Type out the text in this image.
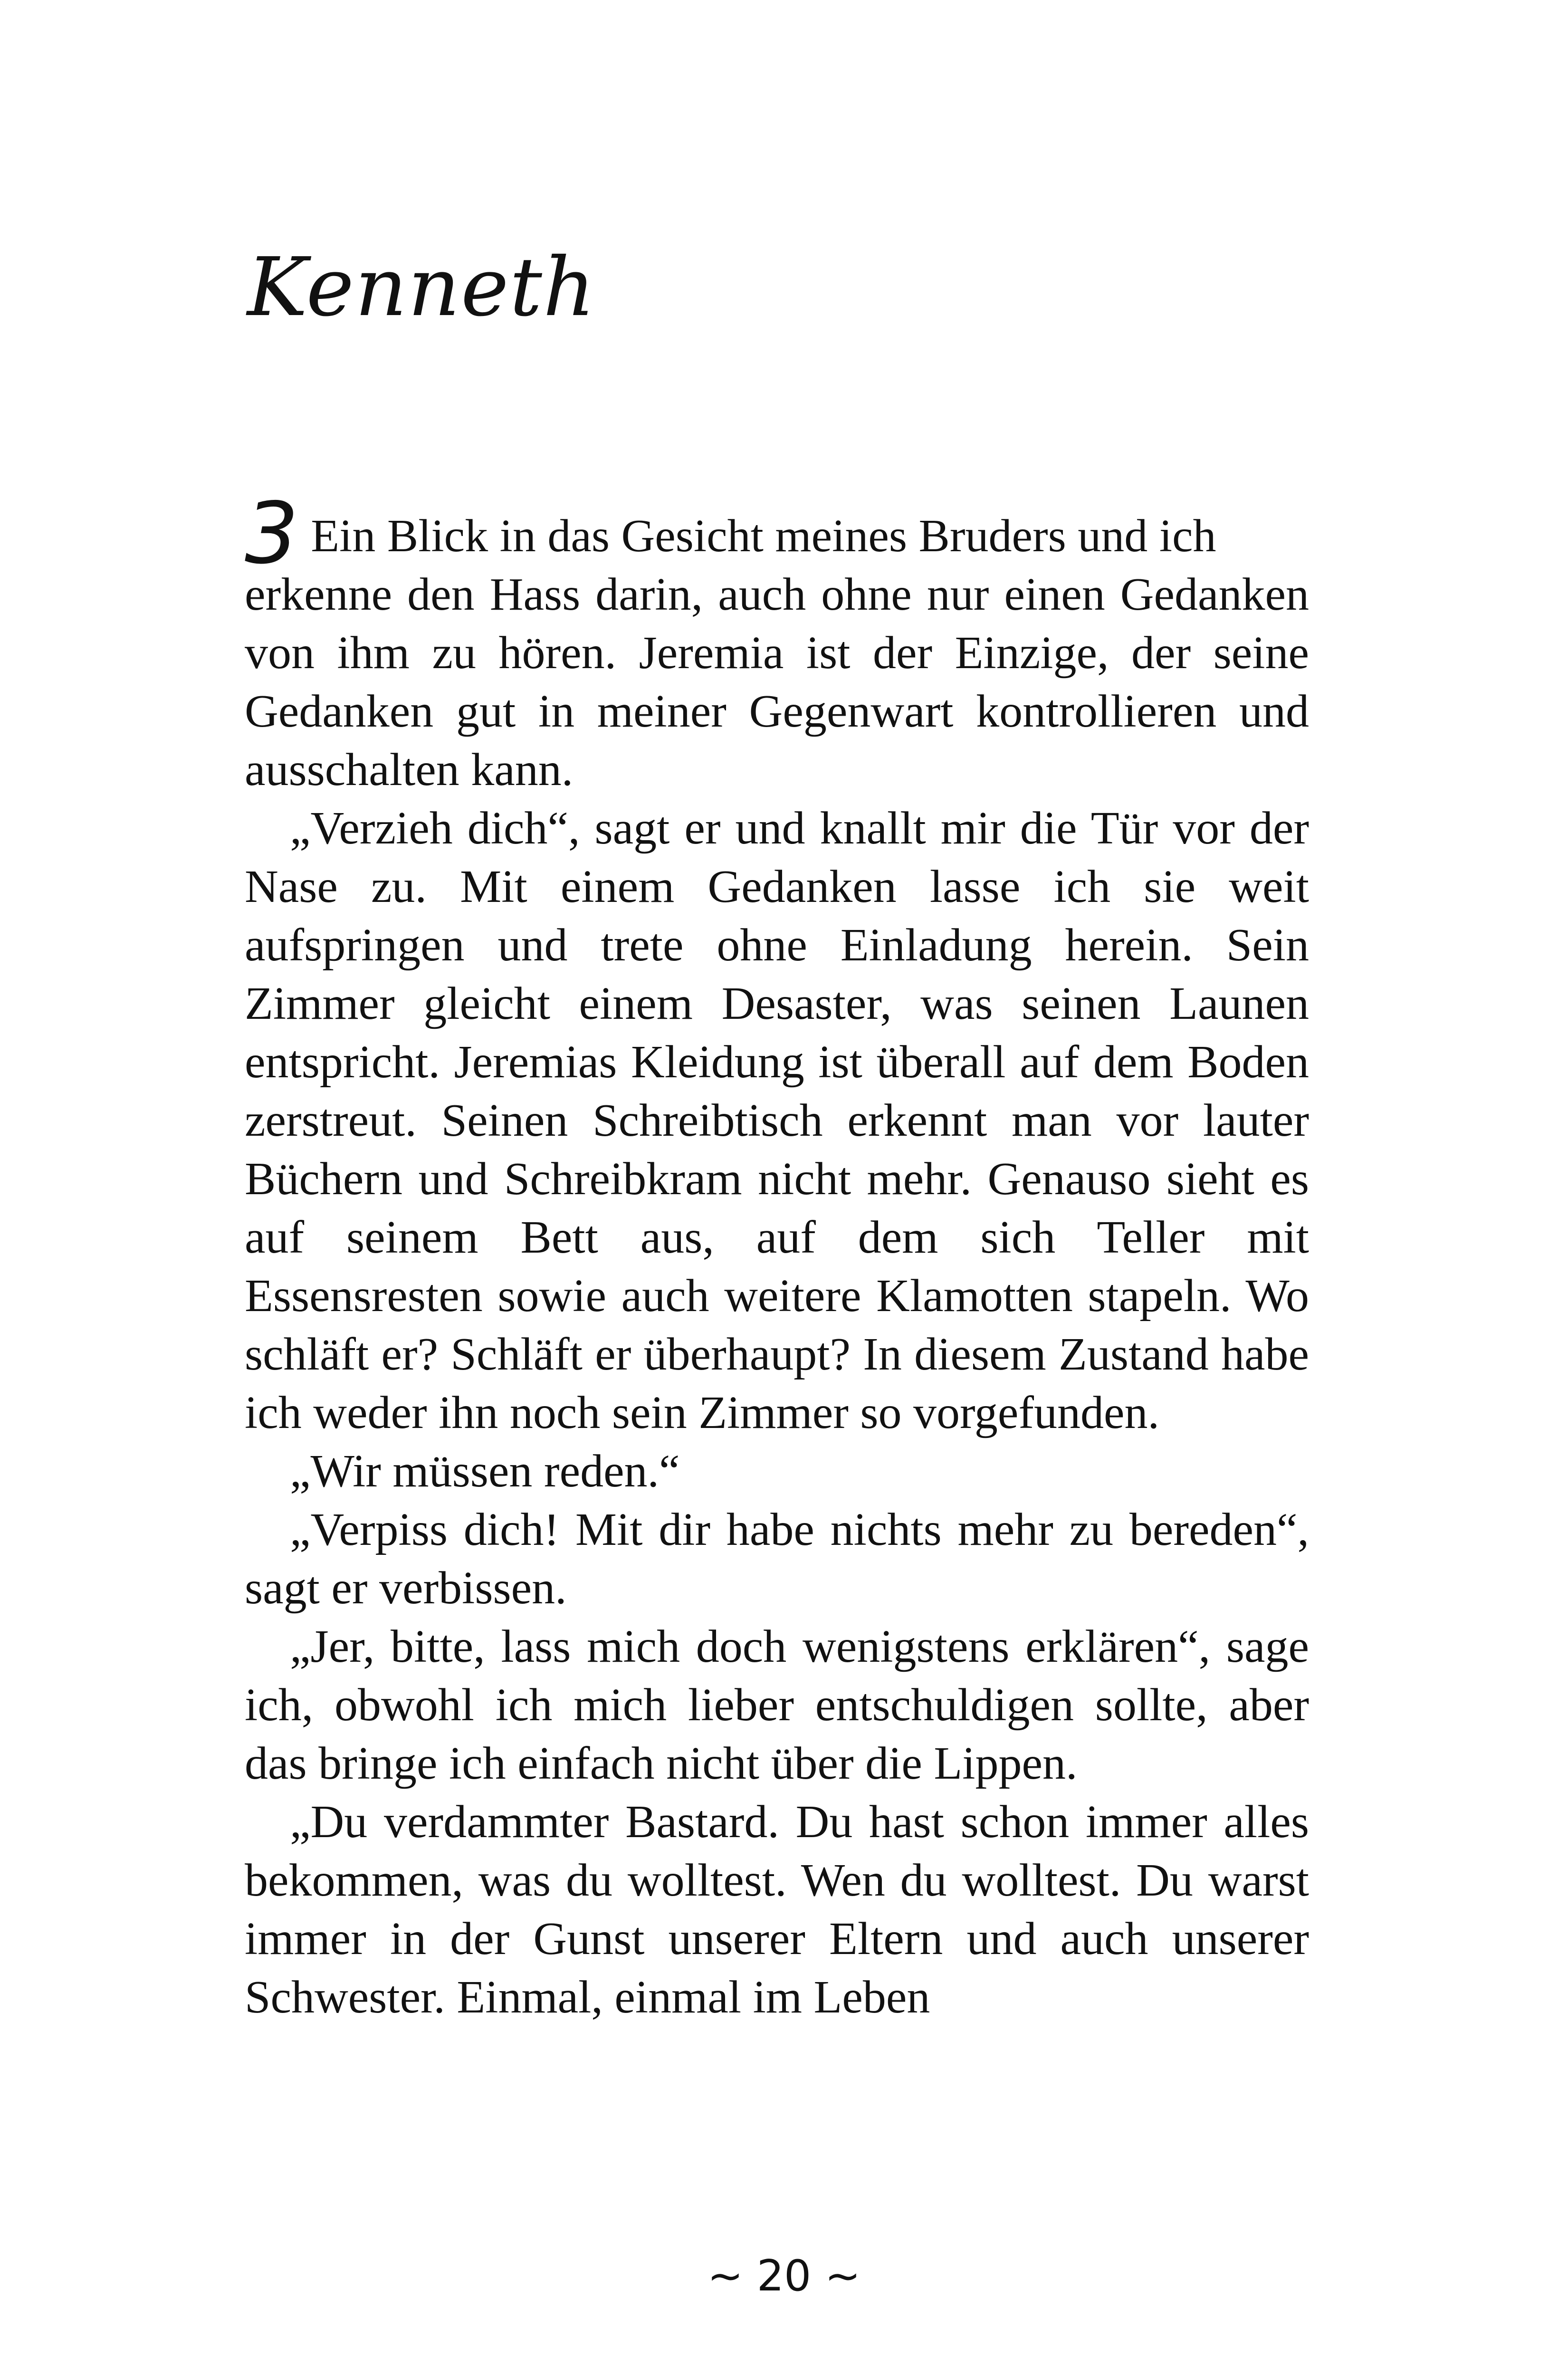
Kenneth
3 Ein Blick in das Gesicht meines Bruders und ich

erkenne den Hass darin, auch ohne nur einen Gedanken von ihm zu hören. Jeremia ist der Einzige, der seine Gedanken gut in meiner Gegenwart kontrollieren und ausschalten kann.

„Verzieh dich“, sagt er und knallt mir die Tür vor der Nase zu. Mit einem Gedanken lasse ich sie weit aufspringen und trete ohne Einladung herein. Sein Zimmer gleicht einem Desaster, was seinen Launen entspricht. Jeremias Kleidung ist überall auf dem Boden zerstreut. Seinen Schreibtisch erkennt man vor lauter Büchern und Schreibkram nicht mehr. Genauso sieht es auf seinem Bett aus, auf dem sich Teller mit Essensresten sowie auch weitere Klamotten stapeln. Wo schläft er? Schläft er überhaupt? In diesem Zustand habe ich weder ihn noch sein Zimmer so vorgefunden.

„Wir müssen reden.“

„Verpiss dich! Mit dir habe nichts mehr zu bereden“, sagt er verbissen.

„Jer, bitte, lass mich doch wenigstens erklären“, sage ich, obwohl ich mich lieber entschuldigen sollte, aber das bringe ich einfach nicht über die Lippen.

„Du verdammter Bastard. Du hast schon immer alles bekommen, was du wolltest. Wen du wolltest. Du warst immer in der Gunst unserer Eltern und auch unserer Schwester. Einmal, einmal im Leben

~ 20 ~
